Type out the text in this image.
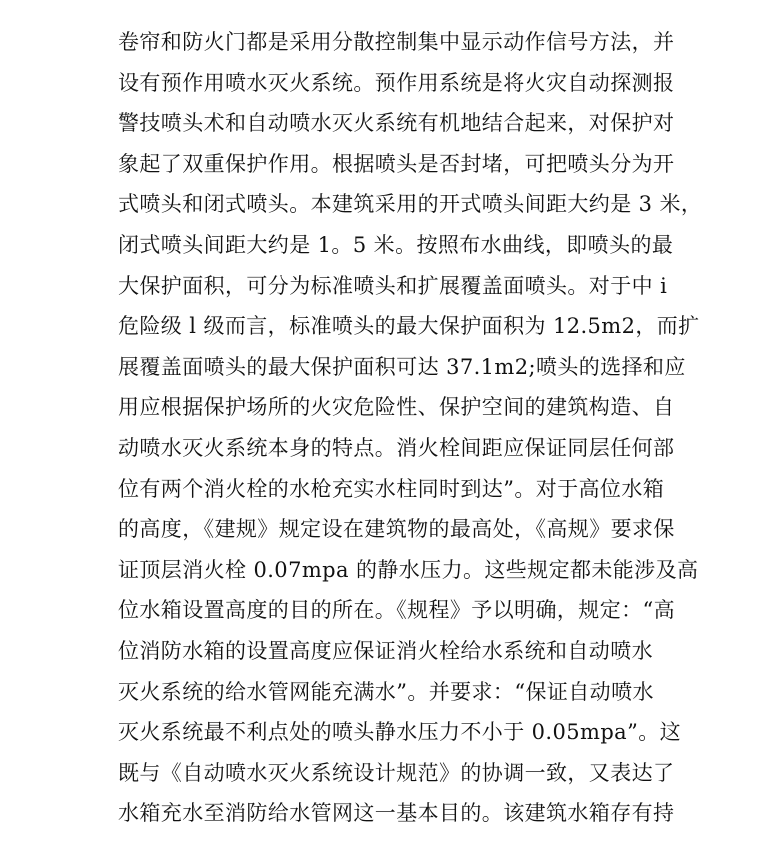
卷帘和防火门都是采用分散控制集中显示动作信号方法，并
设有预作用喷水灭火系统。预作用系统是将火灾自动探测报
警技喷头术和自动喷水灭火系统有机地结合起来，对保护对
象起了双重保护作用。根据喷头是否封堵，可把喷头分为开
式喷头和闭式喷头。本建筑采用的开式喷头间距大约是 3 米，
闭式喷头间距大约是 1。5 米。按照布水曲线，即喷头的最
大保护面积，可分为标准喷头和扩展覆盖面喷头。对于中 i
危险级 l 级而言，标准喷头的最大保护面积为 12.5m2，而扩
展覆盖面喷头的最大保护面积可达 37.1m2;喷头的选择和应
用应根据保护场所的火灾危险性、保护空间的建筑构造、自
动喷水灭火系统本身的特点。消火栓间距应保证同层任何部
位有两个消火栓的水枪充实水柱同时到达”。对于高位水箱
的高度，《建规》规定设在建筑物的最高处，《高规》要求保
证顶层消火栓 0.07mpa 的静水压力。这些规定都未能涉及高
位水箱设置高度的目的所在。《规程》予以明确，规定：“高
位消防水箱的设置高度应保证消火栓给水系统和自动喷水
灭火系统的给水管网能充满水”。并要求：“保证自动喷水
灭火系统最不利点处的喷头静水压力不小于 0.05mpa”。这
既与《自动喷水灭火系统设计规范》的协调一致，又表达了
水箱充水至消防给水管网这一基本目的。该建筑水箱存有持
